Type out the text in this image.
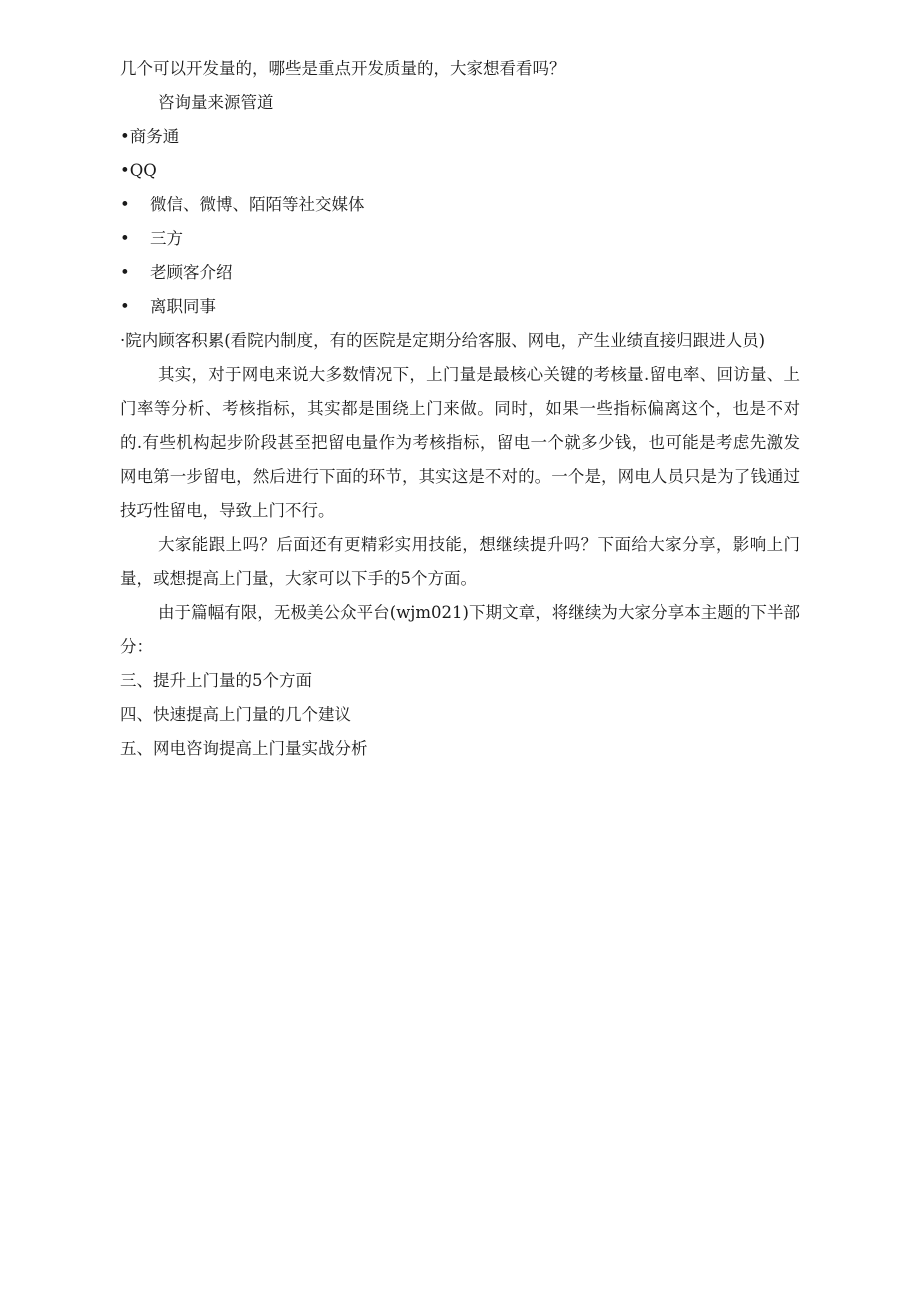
几个可以开发量的，哪些是重点开发质量的，大家想看看吗？
咨询量来源管道
• 商务通
• QQ
•	微信、微博、陌陌等社交媒体
•	三方
•	老顾客介绍
•	离职同事
·院内顾客积累(看院内制度，有的医院是定期分给客服、网电，产生业绩直接归跟进人员)
其实，对于网电来说大多数情况下，上门量是最核心关键的考核量.留电率、回访量、上门率等分析、考核指标，其实都是围绕上门来做。同时，如果一些指标偏离这个，也是不对的.有些机构起步阶段甚至把留电量作为考核指标，留电一个就多少钱，也可能是考虑先激发网电第一步留电，然后进行下面的环节，其实这是不对的。一个是，网电人员只是为了钱通过技巧性留电，导致上门不行。
大家能跟上吗？后面还有更精彩实用技能，想继续提升吗？下面给大家分享，影响上门量，或想提高上门量，大家可以下手的5个方面。
由于篇幅有限，无极美公众平台(wjm021)下期文章，将继续为大家分享本主题的下半部分：
三、提升上门量的5个方面
四、快速提高上门量的几个建议
五、网电咨询提高上门量实战分析
